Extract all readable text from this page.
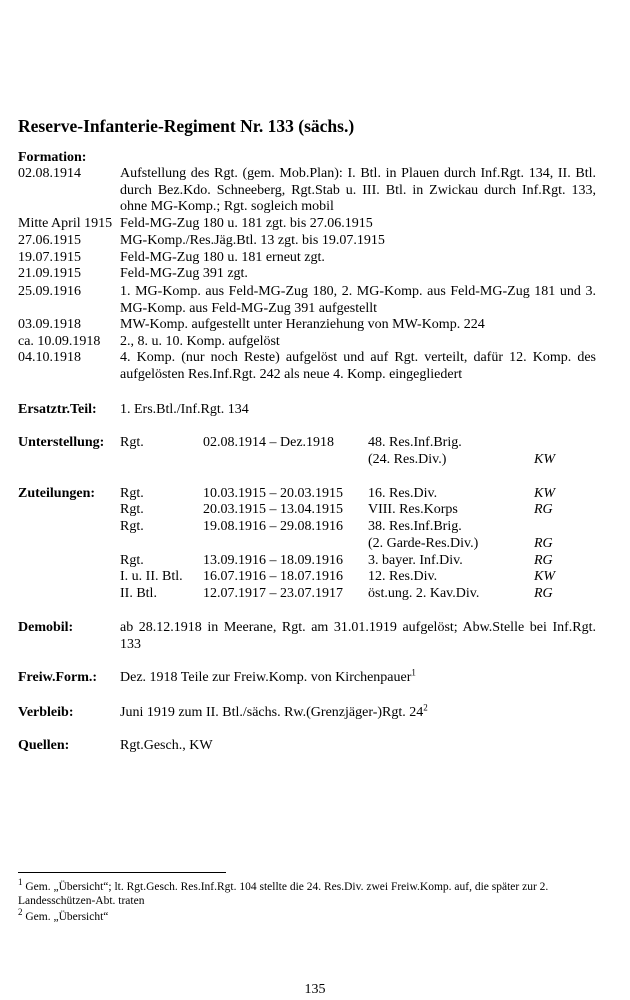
Reserve-Infanterie-Regiment Nr. 133 (sächs.)
Formation:
02.08.1914	Aufstellung des Rgt. (gem. Mob.Plan): I. Btl. in Plauen durch Inf.Rgt. 134, II. Btl. durch Bez.Kdo. Schneeberg, Rgt.Stab u. III. Btl. in Zwickau durch Inf.Rgt. 133, ohne MG-Komp.; Rgt. sogleich mobil
Mitte April 1915 Feld-MG-Zug 180 u. 181 zgt. bis 27.06.1915
27.06.1915	MG-Komp./Res.Jäg.Btl. 13 zgt. bis 19.07.1915
19.07.1915	Feld-MG-Zug 180 u. 181 erneut zgt.
21.09.1915	Feld-MG-Zug 391 zgt.
25.09.1916	1. MG-Komp. aus Feld-MG-Zug 180, 2. MG-Komp. aus Feld-MG-Zug 181 und 3. MG-Komp. aus Feld-MG-Zug 391 aufgestellt
03.09.1918	MW-Komp. aufgestellt unter Heranziehung von MW-Komp. 224
ca. 10.09.1918 2., 8. u. 10. Komp. aufgelöst
04.10.1918	4. Komp. (nur noch Reste) aufgelöst und auf Rgt. verteilt, dafür 12. Komp. des aufgelösten Res.Inf.Rgt. 242 als neue 4. Komp. eingegliedert
Ersatztr.Teil: 1. Ers.Btl./Inf.Rgt. 134
Unterstellung: Rgt.	02.08.1914 – Dez.1918 48. Res.Inf.Brig.
(24. Res.Div.)	KW
Zuteilungen: Rgt.	10.03.1915 – 20.03.1915 16. Res.Div.	KW
Rgt.	20.03.1915 – 13.04.1915 VIII. Res.Korps	RG
Rgt.	19.08.1916 – 29.08.1916 38. Res.Inf.Brig.
(2. Garde-Res.Div.)	RG
Rgt.	13.09.1916 – 18.09.1916 3. bayer. Inf.Div.	RG
I. u. II. Btl. 16.07.1916 – 18.07.1916 12. Res.Div.	KW
II. Btl.	12.07.1917 – 23.07.1917 öst.ung. 2. Kav.Div.	RG
Demobil:	ab 28.12.1918 in Meerane, Rgt. am 31.01.1919 aufgelöst; Abw.Stelle bei Inf.Rgt. 133
Freiw.Form.: Dez. 1918 Teile zur Freiw.Komp. von Kirchenpauer$^1$
Verbleib:	Juni 1919 zum II. Btl./sächs. Rw.(Grenzjäger-)Rgt. $24^2$
Quellen:	Rgt.Gesch., KW
$^1$ Gem. „Übersicht“; lt. Rgt.Gesch. Res.Inf.Rgt. 104 stellte die 24. Res.Div. zwei Freiw.Komp. auf, die später zur 2. Landesschützen-Abt. traten
$^2$ Gem. „Übersicht“
135
